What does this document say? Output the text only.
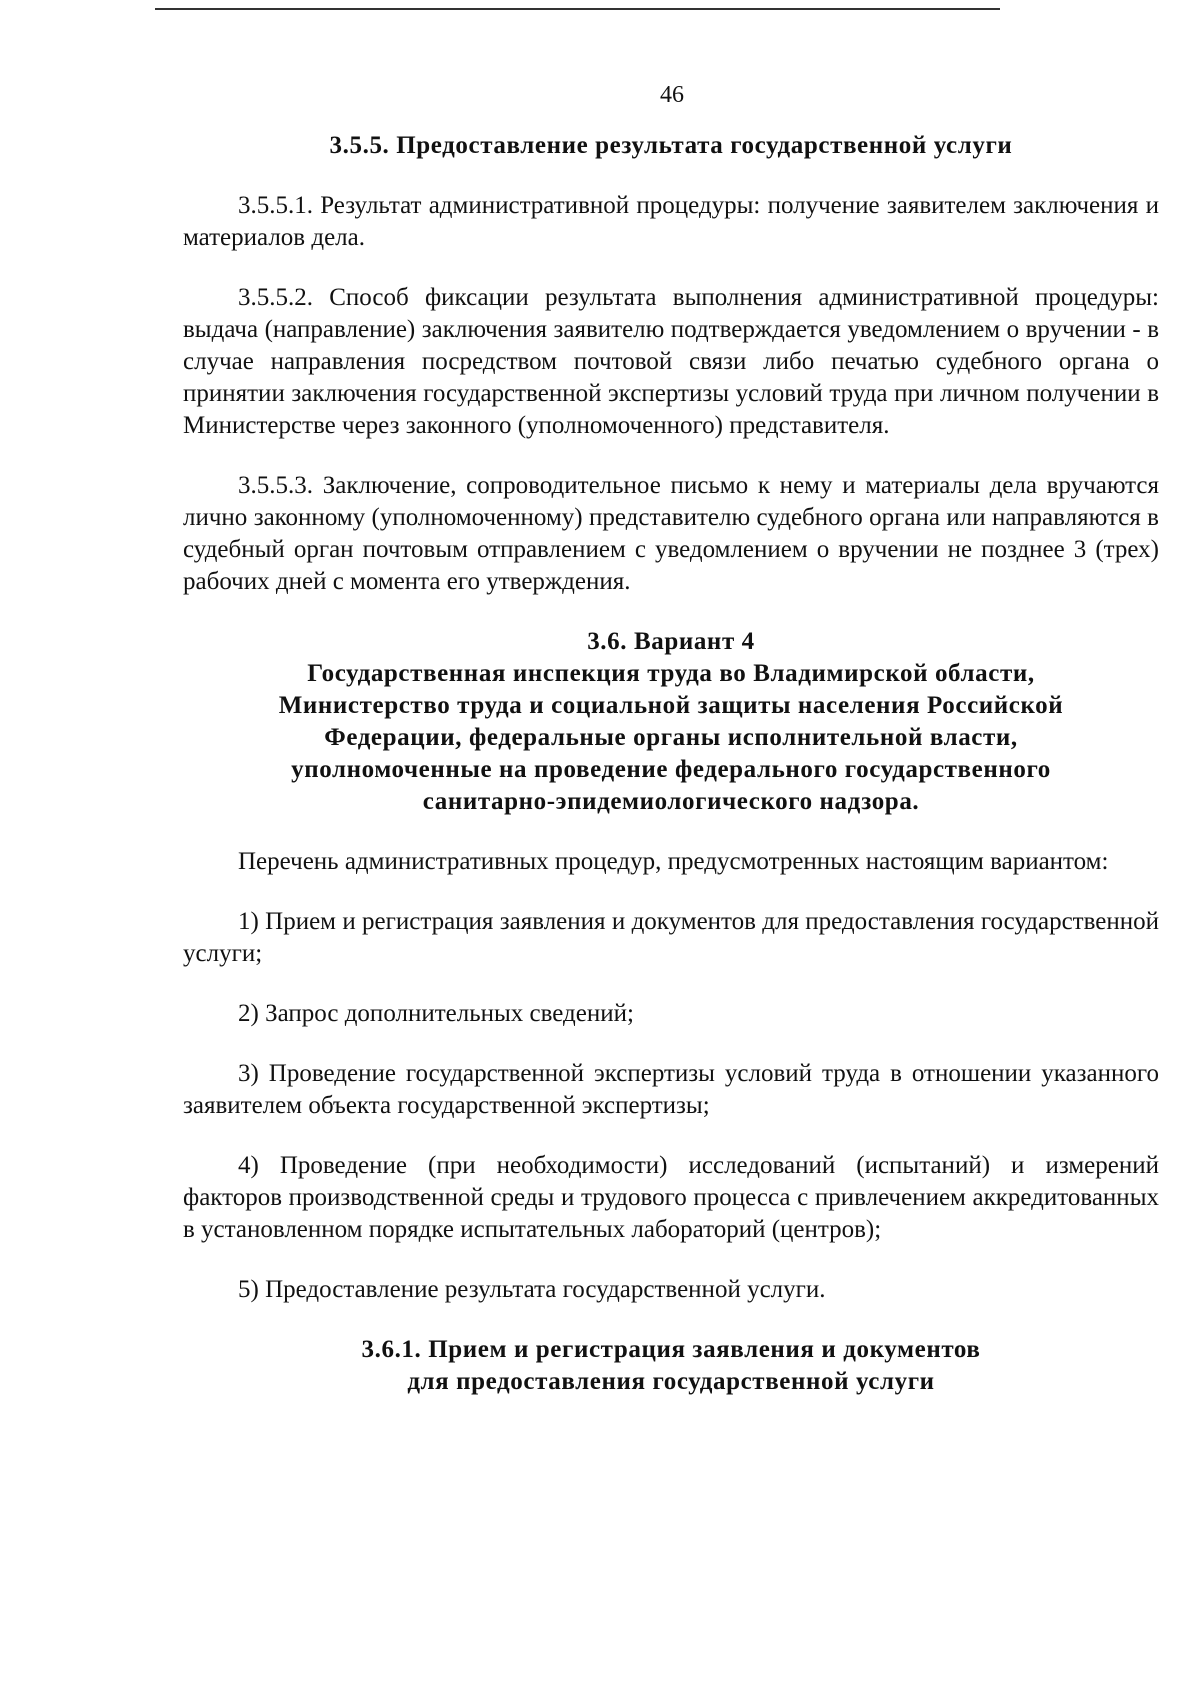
46
3.5.5. Предоставление результата государственной услуги

3.5.5.1. Результат административной процедуры: получение заявителем заключения и материалов дела.

3.5.5.2. Способ фиксации результата выполнения административной процедуры: выдача (направление) заключения заявителю подтверждается уведомлением о вручении - в случае направления посредством почтовой связи либо печатью судебного органа о принятии заключения государственной экспертизы условий труда при личном получении в Министерстве через законного (уполномоченного) представителя.

3.5.5.3. Заключение, сопроводительное письмо к нему и материалы дела вручаются лично законному (уполномоченному) представителю судебного органа или направляются в судебный орган почтовым отправлением с уведомлением о вручении не позднее 3 (трех) рабочих дней с момента его утверждения.

3.6. Вариант 4
Государственная инспекция труда во Владимирской области,
Министерство труда и социальной защиты населения Российской
Федерации, федеральные органы исполнительной власти,
уполномоченные на проведение федерального государственного
санитарно-эпидемиологического надзора.

Перечень административных процедур, предусмотренных настоящим вариантом:

1) Прием и регистрация заявления и документов для предоставления государственной услуги;

2) Запрос дополнительных сведений;

3) Проведение государственной экспертизы условий труда в отношении указанного заявителем объекта государственной экспертизы;

4) Проведение (при необходимости) исследований (испытаний) и измерений факторов производственной среды и трудового процесса с привлечением аккредитованных в установленном порядке испытательных лабораторий (центров);

5) Предоставление результата государственной услуги.

3.6.1. Прием и регистрация заявления и документов
для предоставления государственной услуги
